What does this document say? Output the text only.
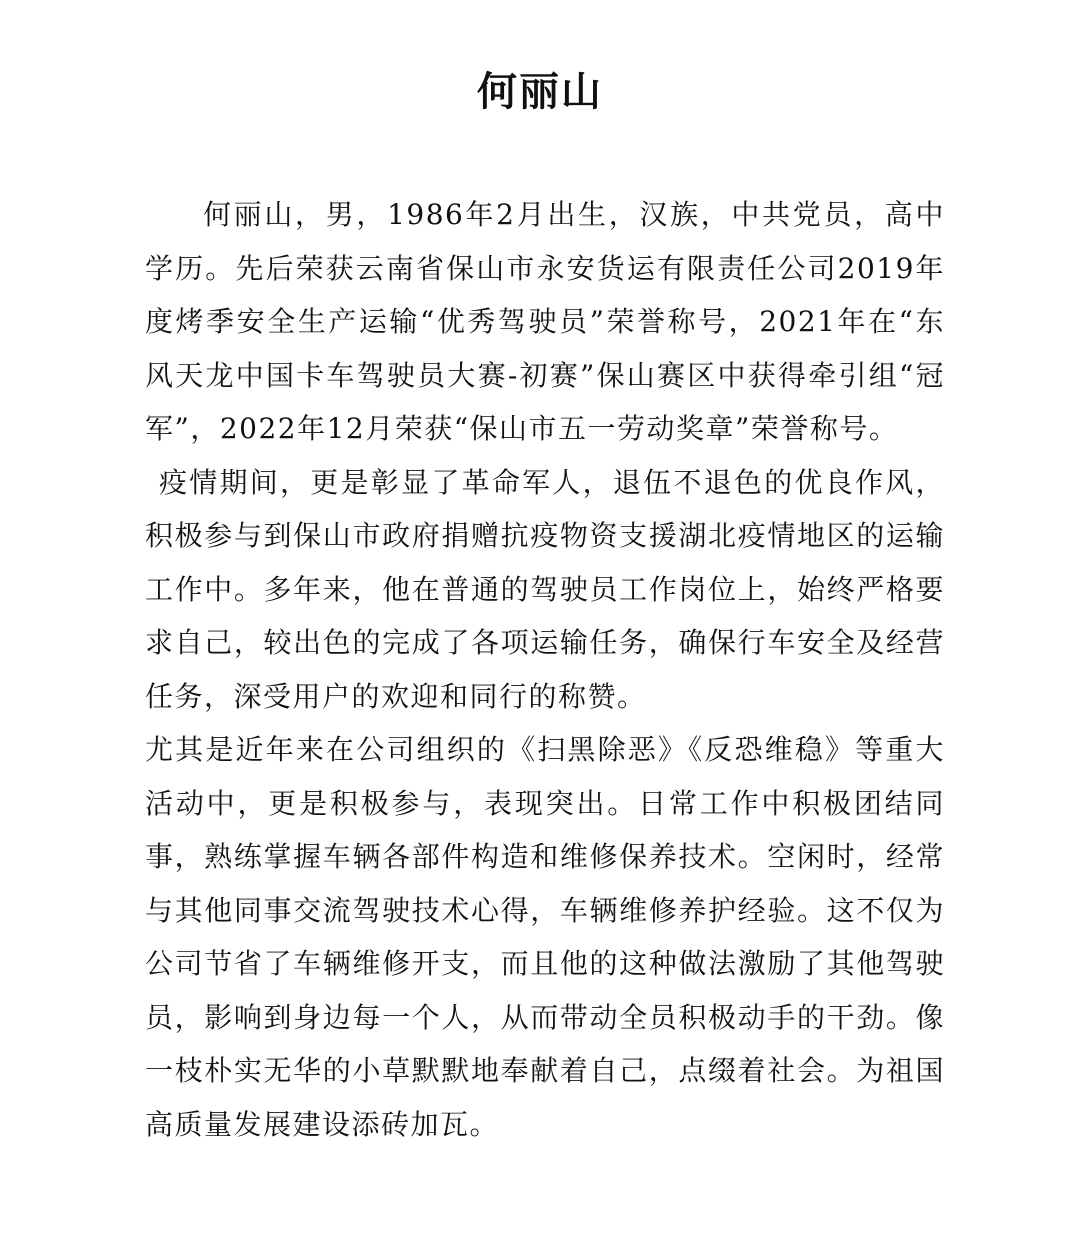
何丽山

何丽山，男，1986年2月出生，汉族，中共党员，高中学历。先后荣获云南省保山市永安货运有限责任公司2019年度烤季安全生产运输“优秀驾驶员”荣誉称号，2021年在“东风天龙中国卡车驾驶员大赛-初赛”保山赛区中获得牵引组“冠军”，2022年12月荣获“保山市五一劳动奖章”荣誉称号。

疫情期间，更是彰显了革命军人，退伍不退色的优良作风，积极参与到保山市政府捐赠抗疫物资支援湖北疫情地区的运输工作中。多年来，他在普通的驾驶员工作岗位上，始终严格要求自己，较出色的完成了各项运输任务，确保行车安全及经营任务，深受用户的欢迎和同行的称赞。

尤其是近年来在公司组织的《扫黑除恶》《反恐维稳》等重大活动中，更是积极参与，表现突出。日常工作中积极团结同事，熟练掌握车辆各部件构造和维修保养技术。空闲时，经常与其他同事交流驾驶技术心得，车辆维修养护经验。这不仅为公司节省了车辆维修开支，而且他的这种做法激励了其他驾驶员，影响到身边每一个人，从而带动全员积极动手的干劲。像一枝朴实无华的小草默默地奉献着自己，点缀着社会。为祖国高质量发展建设添砖加瓦。
